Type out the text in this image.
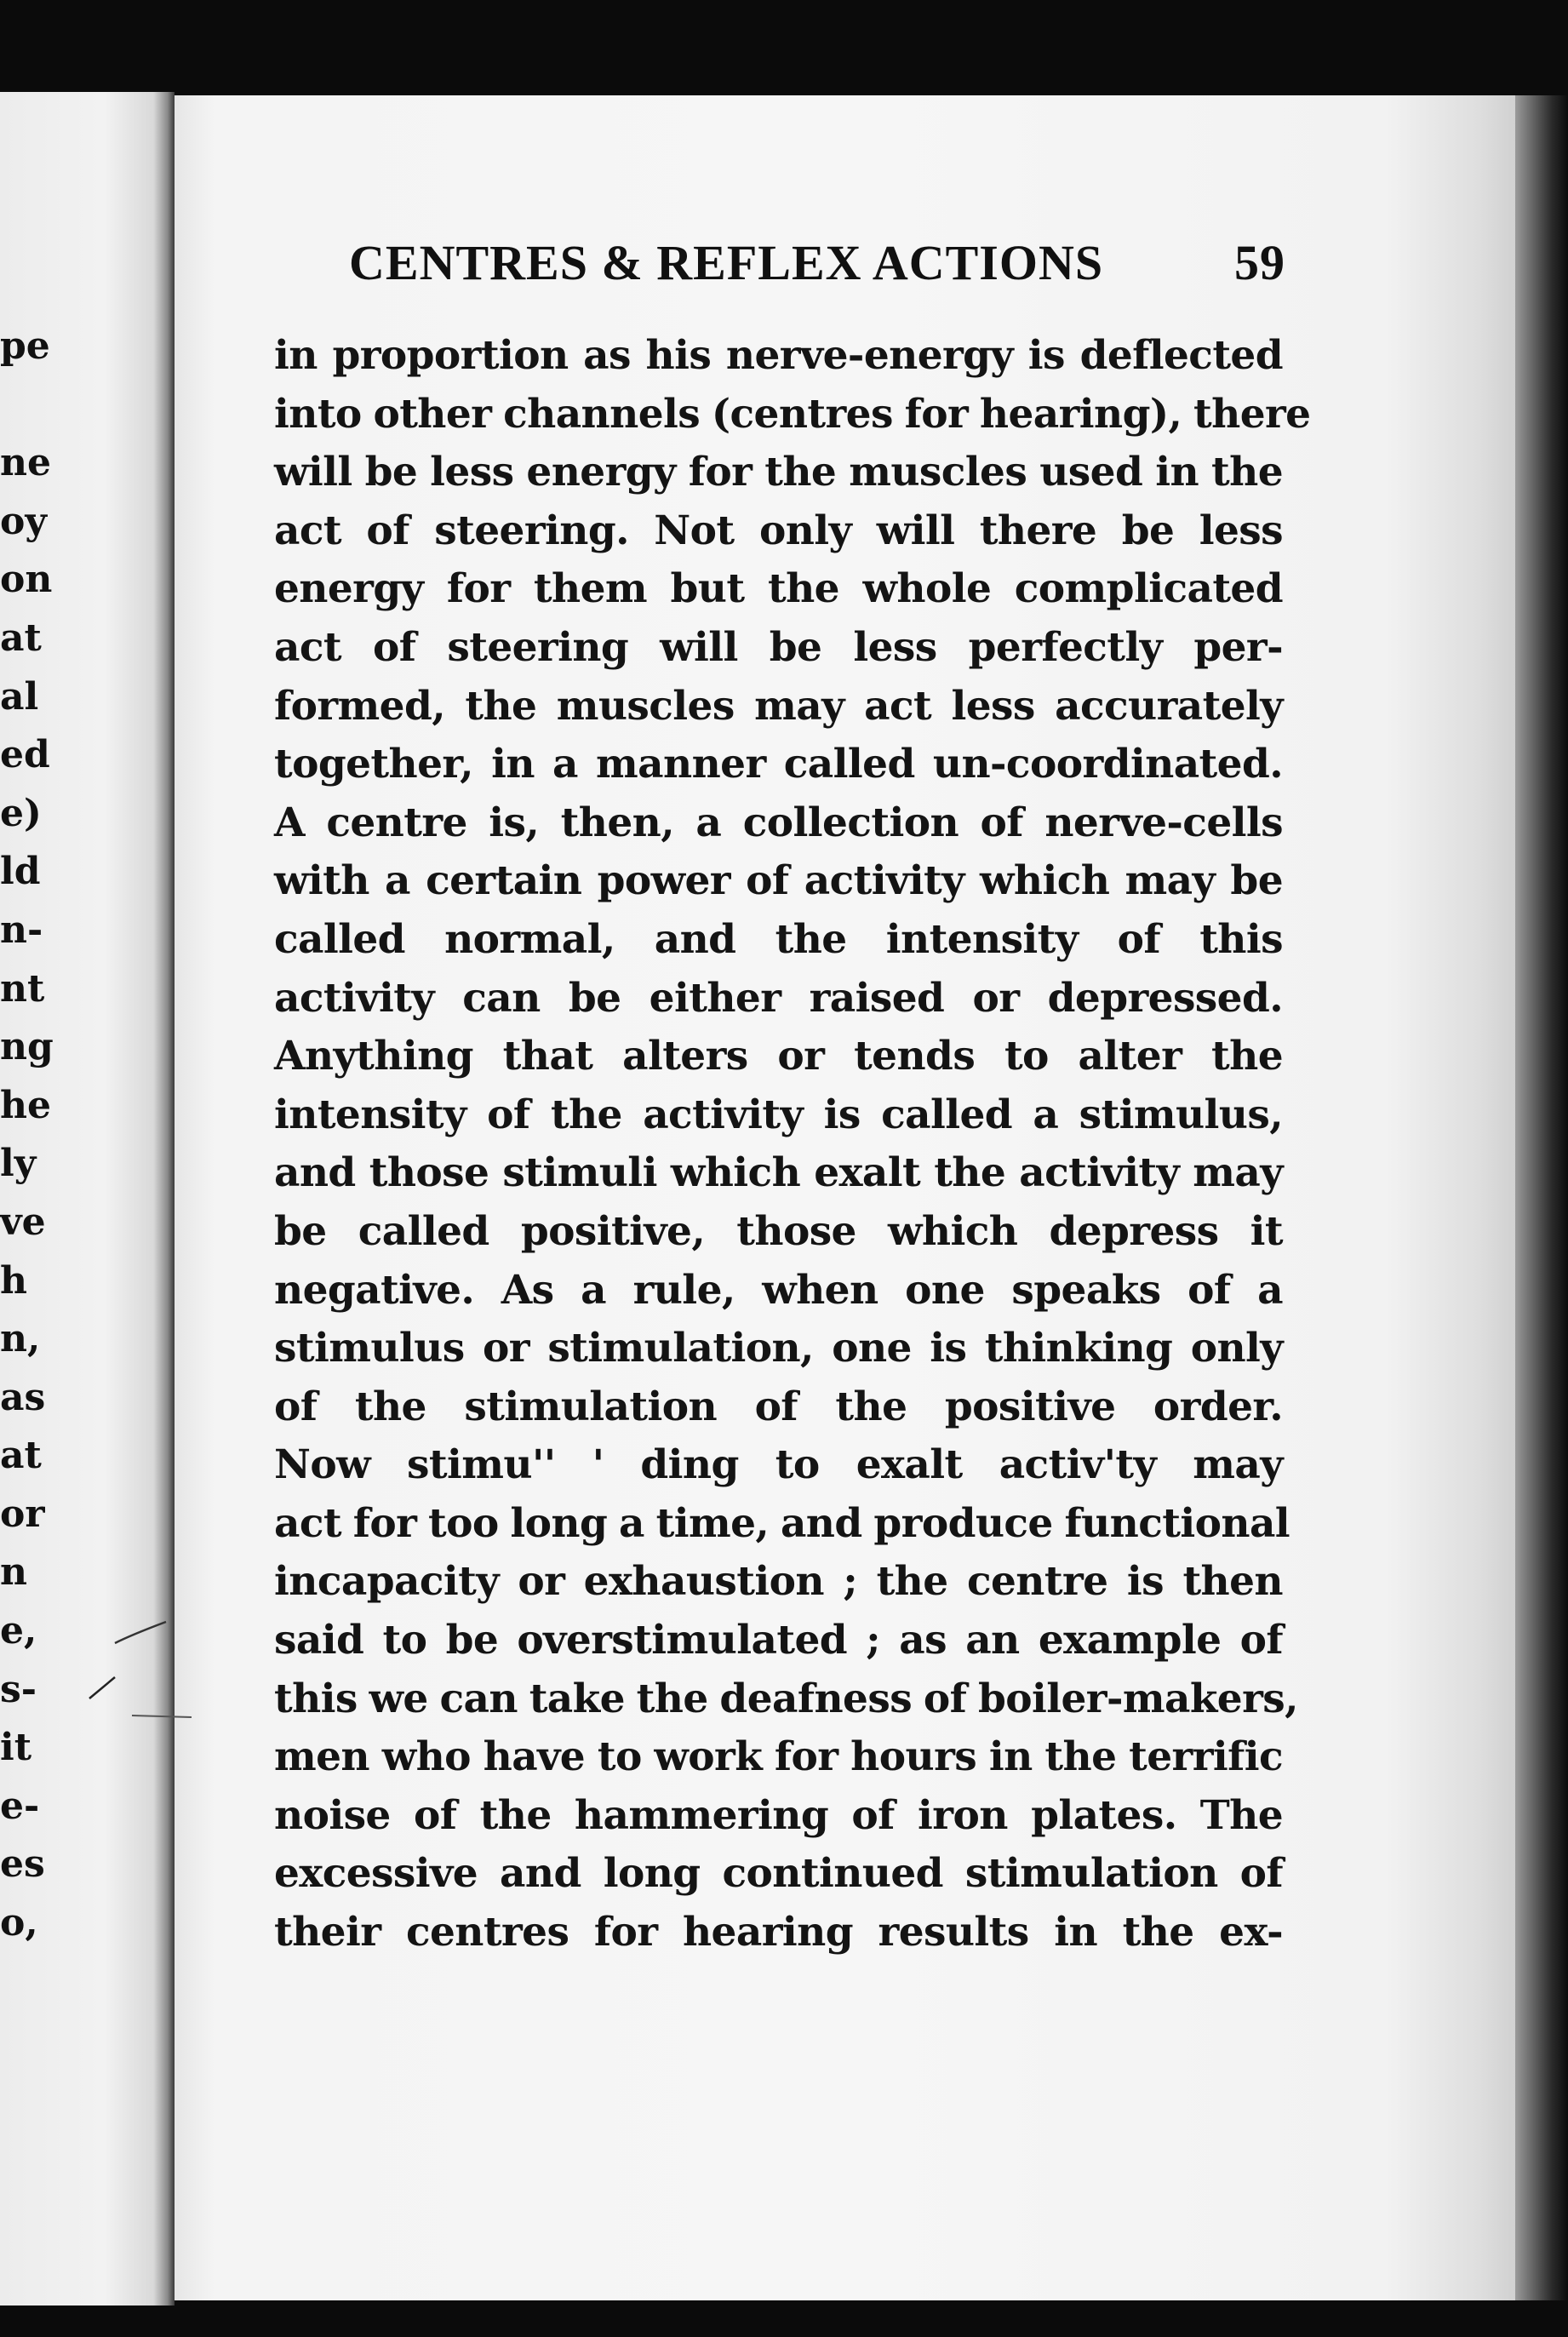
pe
ne
oy
on
at
al
ed
e)
ld
n-
nt
ng
he
ly
ve
h
n,
as
at
or
n
e,
s-
it
e-
es
o,
CENTRES & REFLEX ACTIONS	59
in proportion as his nerve-energy is deflected
into other channels (centres for hearing), there
will be less energy for the muscles used in the
act of steering. Not only will there be less
energy for them but the whole complicated
act of steering will be less perfectly per-
formed, the muscles may act less accurately
together, in a manner called un-coordinated.
A centre is, then, a collection of nerve-cells
with a certain power of activity which may be
called normal, and the intensity of this
activity can be either raised or depressed.
Anything that alters or tends to alter the
intensity of the activity is called a stimulus,
and those stimuli which exalt the activity may
be called positive, those which depress it
negative. As a rule, when one speaks of a
stimulus or stimulation, one is thinking only
of the stimulation of the positive order.
Now stimu'' ' ding to exalt activ'ty may
act for too long a time, and produce functional
incapacity or exhaustion ; the centre is then
said to be overstimulated ; as an example of
this we can take the deafness of boiler-makers,
men who have to work for hours in the terrific
noise of the hammering of iron plates. The
excessive and long continued stimulation of
their centres for hearing results in the ex-
